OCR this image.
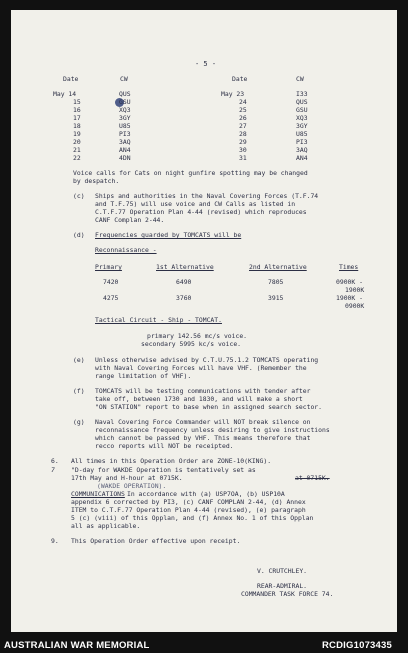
- 5 -
Date	CW	Date	CW
May 14	QUS
15	GSU
16	XQ3
17	3GY
18	U85
19	PI3
20	3AQ
21	AN4
22	4DN
May 23	I33
24	QUS
25	GSU
26	XQ3
27	3GY
28	U85
29	PI3
30	3AQ
31	AN4
Voice calls for Cats on night gunfire spotting may be changed
by despatch.
(c) Ships and authorities in the Naval Covering Forces (T.F.74
and T.F.75) will use voice and CW Calls as listed in
C.T.F.77 Operation Plan 4-44 (revised) which reproduces
CANF Complan 2-44.
(d) Frequencies guarded by TOMCATS will be
Reconnaissance -
Primary	1st Alternative	2nd Alternative	Times
7420	6490	7805	0900K -
1900K
4275	3760	3915	1900K -
0900K
Tactical Circuit - Ship - TOMCAT.
primary 142.56 mc/s voice.
secondary 5995 kc/s voice.
(e) Unless otherwise advised by C.T.U.75.1.2 TOMCATS operating
with Naval Covering Forces will have VHF. (Remember the
range limitation of VHF).
(f) TOMCATS will be testing communications with tender after
take off, between 1730 and 1830, and will make a short
"ON STATION" report to base when in assigned search sector.
(g) Naval Covering Force Commander will NOT break silence on
reconnaissance frequency unless desiring to give instructions
which cannot be passed by VHF. This means therefore that
recco reports will NOT be receipted.
6. All times in this Operation Order are ZONE-10(KING).
7	"D-day for WAKDE Operation is tentatively set as
17th May and H-hour at 0715K.	at 0715K.
(WAKDE OPERATION).
COMMUNICATIONS In accordance with (a) USP7OA, (b) USP10A
appendix 6 corrected by PI3, (c) CANF COMPLAN 2-44, (d) Annex
ITEM to C.T.F.77 Operation Plan 4-44 (revised), (e) paragraph
5 (c) (viii) of this Opplan, and (f) Annex No. 1 of this Opplan
all as applicable.
9. This Operation Order effective upon receipt.
V. CRUTCHLEY.
REAR-ADMIRAL.
COMMANDER TASK FORCE 74.
AUSTRALIAN WAR MEMORIAL	RCDIG1073435
